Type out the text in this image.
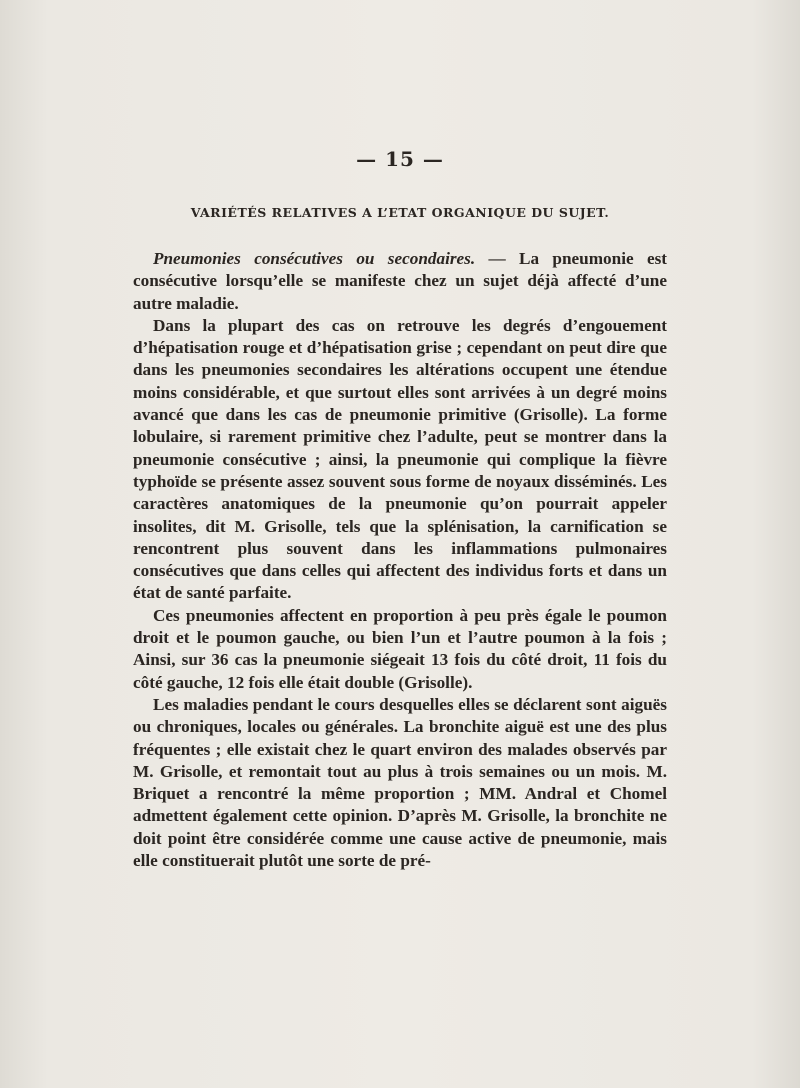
— 15 —
VARIÉTÉS RELATIVES A L’ETAT ORGANIQUE DU SUJET.

Pneumonies consécutives ou secondaires. — La pneumonie est consécutive lorsqu’elle se manifeste chez un sujet déjà affecté d’une autre maladie.

Dans la plupart des cas on retrouve les degrés d’engouement d’hépatisation rouge et d’hépatisation grise ; cependant on peut dire que dans les pneumonies secondaires les altérations occupent une étendue moins considérable, et que surtout elles sont arrivées à un degré moins avancé que dans les cas de pneumonie primitive (Grisolle). La forme lobulaire, si rarement primitive chez l’adulte, peut se montrer dans la pneumonie consécutive ; ainsi, la pneumonie qui complique la fièvre typhoïde se présente assez souvent sous forme de noyaux disséminés. Les caractères anatomiques de la pneumonie qu’on pourrait appeler insolites, dit M. Grisolle, tels que la splénisation, la carnification se rencontrent plus souvent dans les inflammations pulmonaires consécutives que dans celles qui affectent des individus forts et dans un état de santé parfaite.

Ces pneumonies affectent en proportion à peu près égale le poumon droit et le poumon gauche, ou bien l’un et l’autre poumon à la fois ; Ainsi, sur 36 cas la pneumonie siégeait 13 fois du côté droit, 11 fois du côté gauche, 12 fois elle était double (Grisolle).

Les maladies pendant le cours desquelles elles se déclarent sont aiguës ou chroniques, locales ou générales. La bronchite aiguë est une des plus fréquentes ; elle existait chez le quart environ des malades observés par M. Grisolle, et remontait tout au plus à trois semaines ou un mois. M. Briquet a rencontré la même proportion ; MM. Andral et Chomel admettent également cette opinion. D’après M. Grisolle, la bronchite ne doit point être considérée comme une cause active de pneumonie, mais elle constituerait plutôt une sorte de pré-
